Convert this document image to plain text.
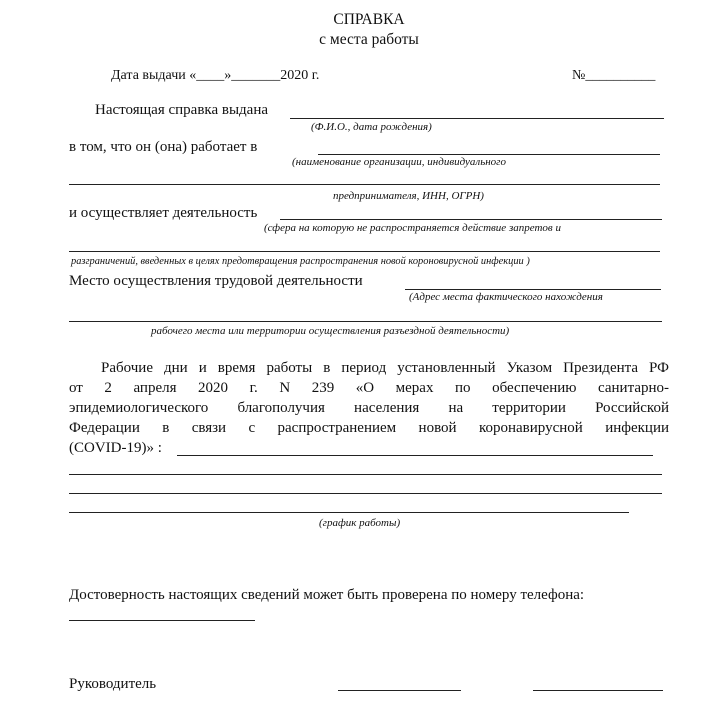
СПРАВКА
с места работы
Дата выдачи «____»_______2020 г.	№__________
Настоящая справка выдана
(Ф.И.О., дата рождения)
в том, что он (она) работает в
(наименование организации, индивидуального
предпринимателя, ИНН, ОГРН)
и осуществляет деятельность
(сфера на которую не распространяется действие запретов и
разграничений, введенных в целях предотвращения распространения новой короновирусной инфекции )
Место осуществления трудовой деятельности
(Адрес места фактического нахождения
рабочего места или территории осуществления разъездной деятельности)
Рабочие дни и время работы в период установленный Указом Президента РФ
от 2 апреля 2020 г. N 239 «О мерах по обеспечению санитарно-
эпидемиологического благополучия населения на территории Российской
Федерации в связи с распространением новой коронавирусной инфекции
(COVID-19)» :
(график работы)
Достоверность настоящих сведений может быть проверена по номеру телефона:
Руководитель
